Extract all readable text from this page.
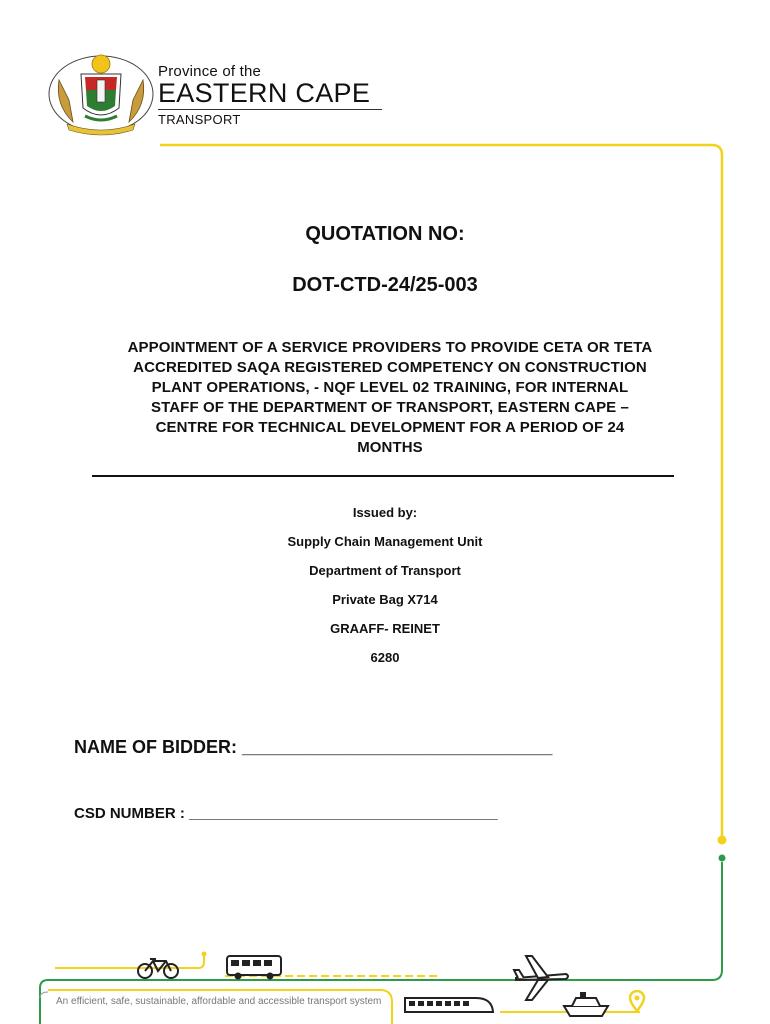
Province of the
EASTERN CAPE
TRANSPORT
QUOTATION NO:
DOT-CTD-24/25-003
APPOINTMENT OF A SERVICE PROVIDERS TO PROVIDE CETA OR TETA
ACCREDITED SAQA REGISTERED COMPETENCY ON CONSTRUCTION
PLANT OPERATIONS, - NQF LEVEL 02 TRAINING, FOR INTERNAL
STAFF OF THE DEPARTMENT OF TRANSPORT, EASTERN CAPE –
CENTRE FOR TECHNICAL DEVELOPMENT FOR A PERIOD OF 24
MONTHS
Issued by:
Supply Chain Management Unit
Department of Transport
Private Bag X714
GRAAFF- REINET
6280
NAME OF BIDDER: _______________________________
CSD NUMBER : _____________________________________
An efficient, safe, sustainable, affordable and accessible transport system
